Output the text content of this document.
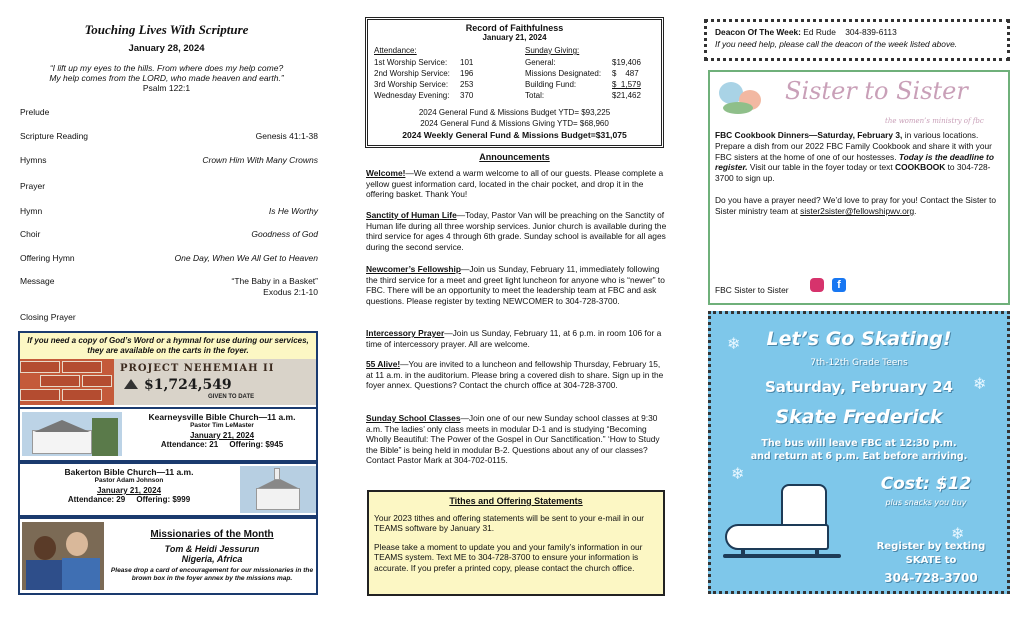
Touching Lives With Scripture
January 28, 2024
“I lift up my eyes to the hills. From where does my help come?
My help comes from the LORD, who made heaven and earth.”
Psalm 122:1
Prelude
Scripture Reading	Genesis 41:1-38
Hymns	Crown Him With Many Crowns
Prayer
Hymn	Is He Worthy
Choir	Goodness of God
Offering Hymn	One Day, When We All Get to Heaven
Message	“The Baby in a Basket”
Exodus 2:1-10
Closing Prayer
If you need a copy of God’s Word or a hymnal for use during our services, they are available on the carts in the foyer.
PROJECT NEHEMIAH II
$1,724,549
GIVEN TO DATE
Kearneysville Bible Church—11 a.m.
Pastor Tim LeMaster
January 21, 2024
Attendance: 21 Offering: $945
Bakerton Bible Church—11 a.m.
Pastor Adam Johnson
January 21, 2024
Attendance: 29 Offering: $999
Missionaries of the Month
Tom & Heidi Jessurun
Nigeria, Africa
Please drop a card of encouragement for our missionaries in the brown box in the foyer annex by the missions map.
Record of Faithfulness
January 21, 2024
Attendance:
1st Worship Service: 101
2nd Worship Service: 196
3rd Worship Service: 253
Wednesday Evening: 370
Sunday Giving:
General:	$19,406
Missions Designated: $    487
Building Fund:	$  1,579
Total:	$21,462
2024 General Fund & Missions Budget YTD= $93,225
2024 General Fund & Missions Giving YTD= $68,960
2024 Weekly General Fund & Missions Budget=$31,075
Announcements
Welcome!—We extend a warm welcome to all of our guests. Please complete a yellow guest information card, located in the chair pocket, and drop it in the offering basket. Thank You!
Sanctity of Human Life—Today, Pastor Van will be preaching on the Sanctity of Human life during all three worship services. Junior church is available during the third service for ages 4 through 6th grade. Sunday school is available for all ages during the second service.
Newcomer’s Fellowship—Join us Sunday, February 11, immediately following the third service for a meet and greet light luncheon for anyone who is “newer” to FBC. There will be an opportunity to meet the leadership team at FBC and ask questions. Please register by texting NEWCOMER to 304-728-3700.
Intercessory Prayer—Join us Sunday, February 11, at 6 p.m. in room 106 for a time of intercessory prayer. All are welcome.
55 Alive!—You are invited to a luncheon and fellowship Thursday, February 15, at 11 a.m. in the auditorium. Please bring a covered dish to share. Sign up in the foyer annex. Questions? Contact the church office at 304-728-3700.
Sunday School Classes—Join one of our new Sunday school classes at 9:30 a.m. The ladies’ only class meets in modular D-1 and is studying “Becoming Wholly Beautiful: The Power of the Gospel in Our Sanctification.” ‘How to Study the Bible” is being held in modular B-2. Questions about any of our classes? Contact Pastor Mark at 304-702-0115.
Tithes and Offering Statements
Your 2023 tithes and offering statements will be sent to your e-mail in our TEAMS software by January 31.
Please take a moment to update you and your family’s information in our TEAMS system. Text ME to 304-728-3700 to ensure your information is accurate. If you prefer a printed copy, please contact the church office.
Deacon Of The Week: Ed Rude 304-839-6113
If you need help, please call the deacon of the week listed above.
Sister to Sister
the women’s ministry of fbc
FBC Cookbook Dinners—Saturday, February 3, in various locations. Prepare a dish from our 2022 FBC Family Cookbook and share it with your FBC sisters at the home of one of our hostesses. Today is the deadline to register. Visit our table in the foyer today or text COOKBOOK to 304-728-3700 to sign up.
Do you have a prayer need? We’d love to pray for you! Contact the Sister to Sister ministry team at sister2sister@fellowshipwv.org.
FBC Sister to Sister	f
❄
❄
❄
❄
Let’s Go Skating!
7th-12th Grade Teens
Saturday, February 24
Skate Frederick
The bus will leave FBC at 12:30 p.m.
and return at 6 p.m. Eat before arriving.
Cost: $12
plus snacks you buy
Register by texting
SKATE to
304-728-3700
